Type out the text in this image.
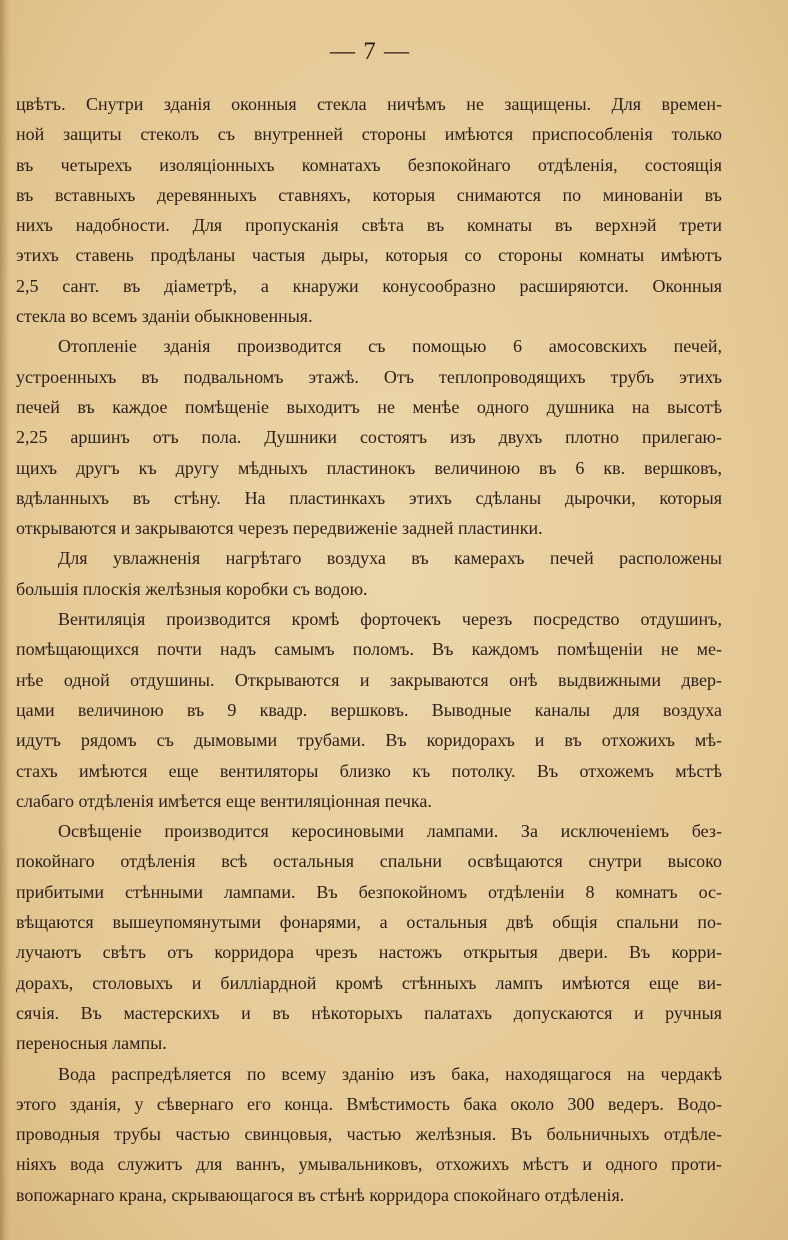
— 7 —
цвѣтъ. Снутри зданія оконныя стекла ничѣмъ не защищены. Для времен-
ной защиты стеколъ съ внутренней стороны имѣются приспособленія только
въ четырехъ изоляціонныхъ комнатахъ безпокойнаго отдѣленія, состоящія
въ вставныхъ деревянныхъ ставняхъ, которыя снимаются по минованіи въ
нихъ надобности. Для пропусканія свѣта въ комнаты въ верхнэй трети
этихъ ставень продѣланы частыя дыры, которыя со стороны комнаты имѣютъ
2,5 сант. въ діаметрѣ, а кнаружи конусообразно расширяютси. Оконныя
стекла во всемъ зданіи обыкновенныя.
Отопленіе зданія производится съ помощью 6 амосовскихъ печей,
устроенныхъ въ подвальномъ этажѣ. Отъ теплопроводящихъ трубъ этихъ
печей въ каждое помѣщеніе выходитъ не менѣе одного душника на высотѣ
2,25 аршинъ отъ пола. Душники состоятъ изъ двухъ плотно прилегаю-
щихъ другъ къ другу мѣдныхъ пластинокъ величиною въ 6 кв. вершковъ,
вдѣланныхъ въ стѣну. На пластинкахъ этихъ сдѣланы дырочки, которыя
открываются и закрываются черезъ передвиженіе задней пластинки.
Для увлажненія нагрѣтаго воздуха въ камерахъ печей расположены
большія плоскія желѣзныя коробки съ водою.
Вентиляція производится кромѣ форточекъ черезъ посредство отдушинъ,
помѣщающихся почти надъ самымъ поломъ. Въ каждомъ помѣщеніи не ме-
нѣе одной отдушины. Открываются и закрываются онѣ выдвижными двер-
цами величиною въ 9 квадр. вершковъ. Выводные каналы для воздуха
идутъ рядомъ съ дымовыми трубами. Въ коридорахъ и въ отхожихъ мѣ-
стахъ имѣются еще вентиляторы близко къ потолку. Въ отхожемъ мѣстѣ
слабаго отдѣленія имѣется еще вентиляціонная печка.
Освѣщеніе производится керосиновыми лампами. За исключеніемъ без-
покойнаго отдѣленія всѣ остальныя спальни освѣщаются снутри высоко
прибитыми стѣнными лампами. Въ безпокойномъ отдѣленіи 8 комнатъ ос-
вѣщаются вышеупомянутыми фонарями, а остальныя двѣ общія спальни по-
лучаютъ свѣтъ отъ корридора чрезъ настожъ открытыя двери. Въ корри-
дорахъ, столовыхъ и билліардной кромѣ стѣнныхъ лампъ имѣются еще ви-
сячія. Въ мастерскихъ и въ нѣкоторыхъ палатахъ допускаются и ручныя
переносныя лампы.
Вода распредѣляется по всему зданію изъ бака, находящагося на чердакѣ
этого зданія, у сѣвернаго его конца. Вмѣстимость бака около 300 ведеръ. Водо-
проводныя трубы частью свинцовыя, частью желѣзныя. Въ больничныхъ отдѣле-
ніяхъ вода служитъ для ваннъ, умывальниковъ, отхожихъ мѣстъ и одного проти-
вопожарнаго крана, скрывающагося въ стѣнѣ корридора спокойнаго отдѣленія.
